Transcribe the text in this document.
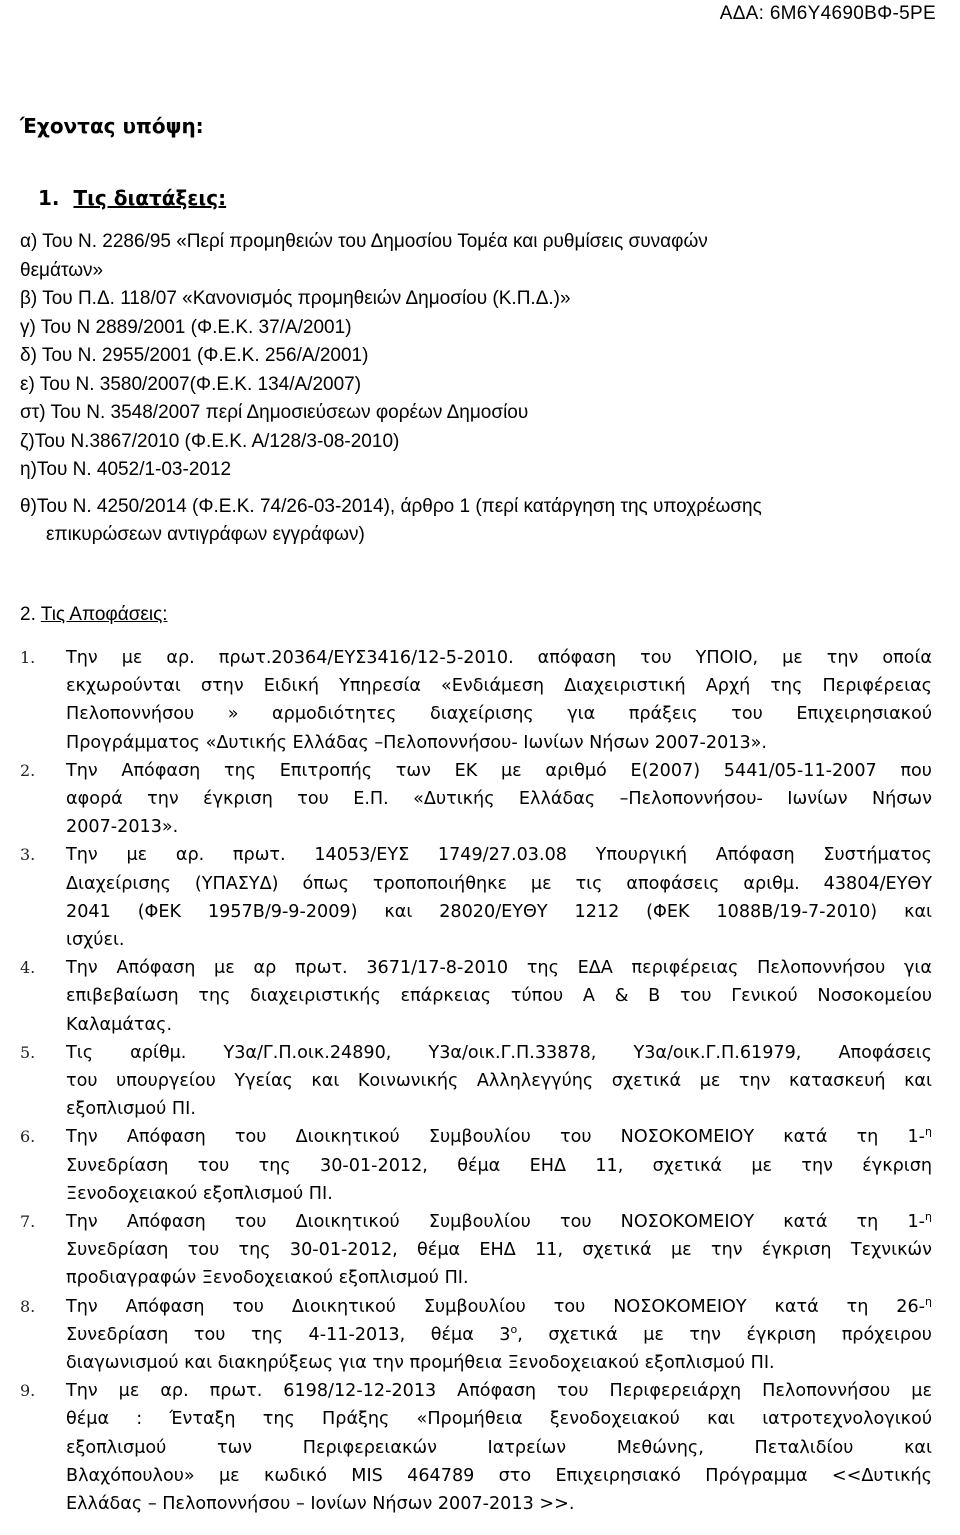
ΑΔΑ: 6Μ6Υ4690ΒΦ-5ΡΕ
Έχοντας υπόψη:
1. Τις διατάξεις:
α) Του Ν. 2286/95 «Περί προμηθειών του Δημοσίου Τομέα και ρυθμίσεις συναφών
θεμάτων»
β) Του Π.Δ. 118/07 «Κανονισμός προμηθειών Δημοσίου (Κ.Π.Δ.)»
γ) Του Ν 2889/2001 (Φ.Ε.Κ. 37/Α/2001)
δ) Του Ν. 2955/2001 (Φ.Ε.Κ. 256/Α/2001)
ε) Του Ν. 3580/2007(Φ.Ε.Κ. 134/Α/2007)
στ) Του Ν. 3548/2007 περί Δημοσιεύσεων φορέων Δημοσίου
ζ)Του Ν.3867/2010 (Φ.Ε.Κ. Α/128/3-08-2010)
η)Του Ν. 4052/1-03-2012
θ)Του Ν. 4250/2014 (Φ.Ε.Κ. 74/26-03-2014), άρθρο 1 (περί κατάργηση της υποχρέωσης
επικυρώσεων αντιγράφων εγγράφων)
2. Τις Αποφάσεις:
1. Την με αρ. πρωτ.20364/ΕΥΣ3416/12-5-2010. απόφαση του ΥΠΟΙΟ, με την οποία
εκχωρούνται στην Ειδική Υπηρεσία «Ενδιάμεση Διαχειριστική Αρχή της Περιφέρειας
Πελοποννήσου » αρμοδιότητες διαχείρισης για πράξεις του Επιχειρησιακού
Προγράμματος «Δυτικής Ελλάδας –Πελοποννήσου- Ιωνίων Νήσων 2007-2013».
2. Την Απόφαση της Επιτροπής των ΕΚ με αριθμό Ε(2007) 5441/05-11-2007 που
αφορά την έγκριση του Ε.Π. «Δυτικής Ελλάδας –Πελοποννήσου- Ιωνίων Νήσων
2007-2013».
3. Την με αρ. πρωτ. 14053/ΕΥΣ 1749/27.03.08 Υπουργική Απόφαση Συστήματος
Διαχείρισης (ΥΠΑΣΥΔ) όπως τροποποιήθηκε με τις αποφάσεις αριθμ. 43804/ΕΥΘΥ
2041 (ΦΕΚ 1957Β/9-9-2009) και 28020/ΕΥΘΥ 1212 (ΦΕΚ 1088Β/19-7-2010) και
ισχύει.
4. Την Απόφαση με αρ πρωτ. 3671/17-8-2010 της ΕΔΑ περιφέρειας Πελοποννήσου για
επιβεβαίωση της διαχειριστικής επάρκειας τύπου Α & Β του Γενικού Νοσοκομείου
Καλαμάτας.
5. Τις αρίθμ. Υ3α/Γ.Π.οικ.24890, Υ3α/οικ.Γ.Π.33878, Υ3α/οικ.Γ.Π.61979, Αποφάσεις
του υπουργείου Υγείας και Κοινωνικής Αλληλεγγύης σχετικά με την κατασκευή και
εξοπλισμού ΠΙ.
6. Την Απόφαση του Διοικητικού Συμβουλίου του ΝΟΣΟΚΟΜΕΙΟΥ κατά τη 1-$^\eta$
Συνεδρίαση του της 30-01-2012, θέμα ΕΗΔ 11, σχετικά με την έγκριση
Ξενοδοχειακού εξοπλισμού ΠΙ.
7. Την Απόφαση του Διοικητικού Συμβουλίου του ΝΟΣΟΚΟΜΕΙΟΥ κατά τη 1-$^\eta$
Συνεδρίαση του της 30-01-2012, θέμα ΕΗΔ 11, σχετικά με την έγκριση Τεχνικών
προδιαγραφών Ξενοδοχειακού εξοπλισμού ΠΙ.
8. Την Απόφαση του Διοικητικού Συμβουλίου του ΝΟΣΟΚΟΜΕΙΟΥ κατά τη 26-$^\eta$
Συνεδρίαση του της 4-11-2013, θέμα $3^o$, σχετικά με την έγκριση πρόχειρου
διαγωνισμού και διακηρύξεως για την προμήθεια Ξενοδοχειακού εξοπλισμού ΠΙ.
9. Την με αρ. πρωτ. 6198/12-12-2013 Απόφαση του Περιφερειάρχη Πελοποννήσου με
θέμα : Ένταξη της Πράξης «Προμήθεια ξενοδοχειακού και ιατροτεχνολογικού
εξοπλισμού των Περιφερειακών Ιατρείων Μεθώνης, Πεταλιδίου και
Βλαχόπουλου» με κωδικό MIS 464789 στο Επιχειρησιακό Πρόγραμμα <<Δυτικής
Ελλάδας – Πελοποννήσου – Ιονίων Νήσων 2007-2013 >>.
